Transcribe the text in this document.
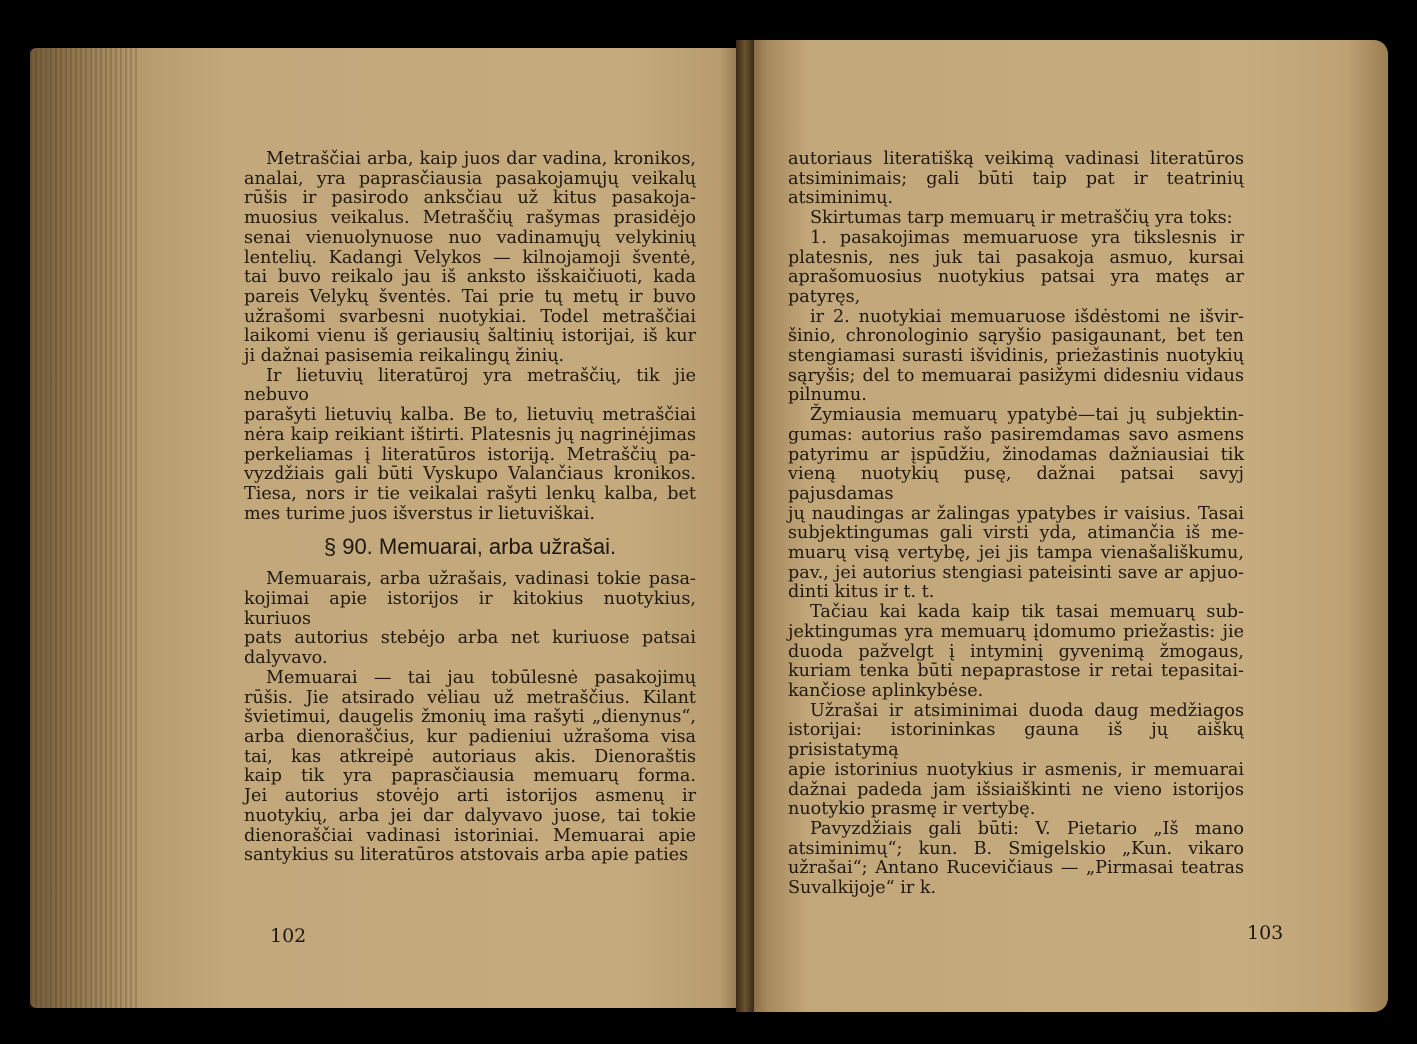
Metraščiai arba, kaip juos dar vadina, kronikos,

analai, yra paprasčiausia pasakojamųjų veikalų

rūšis ir pasirodo anksčiau už kitus pasakoja-

muosius veikalus. Metraščių rašymas prasidėjo

senai vienuolynuose nuo vadinamųjų velykinių

lentelių. Kadangi Velykos — kilnojamoji šventė,

tai buvo reikalo jau iš anksto išskaičiuoti, kada

pareis Velykų šventės. Tai prie tų metų ir buvo

užrašomi svarbesni nuotykiai. Todel metraščiai

laikomi vienu iš geriausių šaltinių istorijai, iš kur

ji dažnai pasisemia reikalingų žinių.

Ir lietuvių literatūroj yra metraščių, tik jie nebuvo

parašyti lietuvių kalba. Be to, lietuvių metraščiai

nėra kaip reikiant ištirti. Platesnis jų nagrinėjimas

perkeliamas į literatūros istoriją. Metraščių pa-

vyzdžiais gali būti Vyskupo Valančiaus kronikos.

Tiesa, nors ir tie veikalai rašyti lenkų kalba, bet

mes turime juos išverstus ir lietuviškai.

§ 90. Memuarai, arba užrašai.

Memuarais, arba užrašais, vadinasi tokie pasa-

kojimai apie istorijos ir kitokius nuotykius, kuriuos

pats autorius stebėjo arba net kuriuose patsai

dalyvavo.

Memuarai — tai jau tobūlesnė pasakojimų

rūšis. Jie atsirado vėliau už metraščius. Kilant

švietimui, daugelis žmonių ima rašyti „dienynus“,

arba dienoraščius, kur padieniui užrašoma visa

tai, kas atkreipė autoriaus akis. Dienoraštis

kaip tik yra paprasčiausia memuarų forma.

Jei autorius stovėjo arti istorijos asmenų ir

nuotykių, arba jei dar dalyvavo juose, tai tokie

dienoraščiai vadinasi istoriniai. Memuarai apie

santykius su literatūros atstovais arba apie paties

autoriaus literatišką veikimą vadinasi literatūros

atsiminimais; gali būti taip pat ir teatrinių

atsiminimų.

Skirtumas tarp memuarų ir metraščių yra toks:

1. pasakojimas memuaruose yra tikslesnis ir

platesnis, nes juk tai pasakoja asmuo, kursai

aprašomuosius nuotykius patsai yra matęs ar patyręs,

ir 2. nuotykiai memuaruose išdėstomi ne išvir-

šinio, chronologinio sąryšio pasigaunant, bet ten

stengiamasi surasti išvidinis, priežastinis nuotykių

sąryšis; del to memuarai pasižymi didesniu vidaus

pilnumu.

Žymiausia memuarų ypatybė—tai jų subjektin-

gumas: autorius rašo pasiremdamas savo asmens

patyrimu ar įspūdžiu, žinodamas dažniausiai tik

vieną nuotykių pusę, dažnai patsai savyj pajusdamas

jų naudingas ar žalingas ypatybes ir vaisius. Tasai

subjektingumas gali virsti yda, atimančia iš me-

muarų visą vertybę, jei jis tampa vienašališkumu,

pav., jei autorius stengiasi pateisinti save ar apjuo-

dinti kitus ir t. t.

Tačiau kai kada kaip tik tasai memuarų sub-

jektingumas yra memuarų įdomumo priežastis: jie

duoda pažvelgt į intyminį gyvenimą žmogaus,

kuriam tenka būti nepaprastose ir retai tepasitai-

kančiose aplinkybėse.

Užrašai ir atsiminimai duoda daug medžiagos

istorijai: istorininkas gauna iš jų aiškų prisistatymą

apie istorinius nuotykius ir asmenis, ir memuarai

dažnai padeda jam išsiaiškinti ne vieno istorijos

nuotykio prasmę ir vertybę.

Pavyzdžiais gali būti: V. Pietario „Iš mano

atsiminimų“; kun. B. Smigelskio „Kun. vikaro

užrašai“; Antano Rucevičiaus — „Pirmasai teatras

Suvalkijoje“ ir k.

102	103
